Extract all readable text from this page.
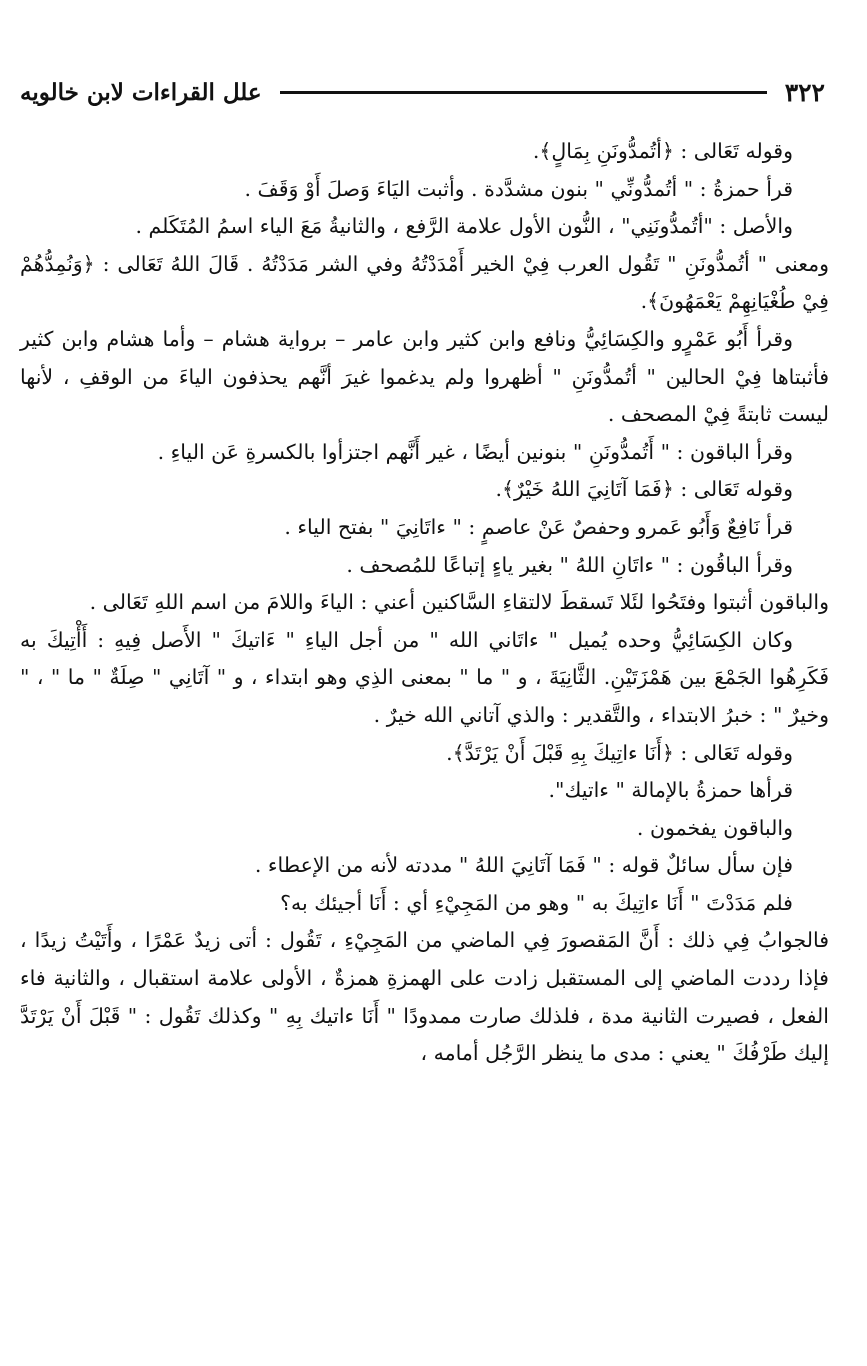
٣٢٢
علل القراءات لابن خالويه

وقوله تَعَالى : ﴿أتُمدُّونَنِ بِمَالٍ﴾.

قرأ حمزةُ : " أتُمدُّونِّي " بنون مشدَّدة . وأثبت اليَاءَ وَصلَ أَوْ وَقَفَ .

والأصل : "أتُمدُّونَنِي" ، النُّون الأول علامة الرَّفع ، والثانيةُ مَعَ الياء اسمُ المُتَكَلم .

ومعنى " أتُمدُّونَنِ " تَقُول العرب فِيْ الخير أَمْدَدْتُهُ وفي الشر مَدَدْتُهُ . قَالَ اللهُ تَعَالى : ﴿وَنُمِدُّهُمْ فِيْ طُغْيَانِهِمْ يَعْمَهُونَ﴾.

وقرأ أَبُو عَمْرٍو والكِسَائِيُّ ونافع وابن كثير وابن عامر – برواية هشام – وأما هشام وابن كثير فأثبتاها فِيْ الحالين " أتُمدُّونَنِ " أظهروا ولم يدغموا غيرَ أنَّهم يحذفون الياءَ من الوقفِ ، لأنها ليست ثابتةً فِيْ المصحف .

وقرأ الباقون : " أَتُمدُّونَنِ " بنونين أيضًا ، غير أَنَّهم اجتزأوا بالكسرةِ عَن الياءِ .

وقوله تَعَالى : ﴿فَمَا آتَانِيَ اللهُ خَيْرٌ﴾.

قرأ نَافِعٌ وَأَبُو عَمرو وحفصٌ عَنْ عاصمٍ : " ءاتَانِيَ " بفتح الياء .

وقرأ الباقُون : " ءاتَانِ اللهُ " بغير ياءٍ إتباعًا للمُصحف .

والباقون أثبتوا وفتَحُوا لئَلا تَسقطَ لالتقاءِ السَّاكنين أعني : الياءَ واللامَ من اسم اللهِ تَعَالى .

وكان الكِسَائِيُّ وحده يُميل " ءاتَاني الله " من أجل الياءِ " ءَاتيكَ " الأَصل فِيهِ : أَأْتِيكَ به فَكَرِهُوا الجَمْعَ بين هَمْزَتَيْنِ. الثَّانِيَةَ ، و " ما " بمعنى الذِي وهو ابتداء ، و " آتَانِي " صِلَةٌ " ما " ، " وخيرٌ " : خبرُ الابتداء ، والتَّقدير : والذي آتاني الله خيرٌ .

وقوله تَعَالى : ﴿أَنَا ءاتِيكَ بِهِ قَبْلَ أَنْ يَرْتَدَّ﴾.

قرأها حمزةُ بالإمالة " ءاتيك".

والباقون يفخمون .

فإن سأل سائلٌ قوله : " فَمَا آتَانِيَ اللهُ " مددته لأنه من الإعطاء .

فلم مَدَدْتَ " أَنَا ءاتِيكَ به " وهو من المَجِيْءِ أي : أَنَا أجيئك به؟

فالجوابُ فِي ذلك : أَنَّ المَقصورَ فِي الماضي من المَجِيْءِ ، تَقُول : أتى زيدٌ عَمْرًا ، وأَتَيْتُ زيدًا ، فإذا رددت الماضي إلى المستقبل زادت على الهمزةِ همزةٌ ، الأولى علامة استقبال ، والثانية فاء الفعل ، فصيرت الثانية مدة ، فلذلك صارت ممدودًا " أَنَا ءاتيك بِهِ " وكذلك تَقُول : " قَبْلَ أَنْ يَرْتَدَّ إليك طَرْفُكَ " يعني : مدى ما ينظر الرَّجُل أمامه ،
